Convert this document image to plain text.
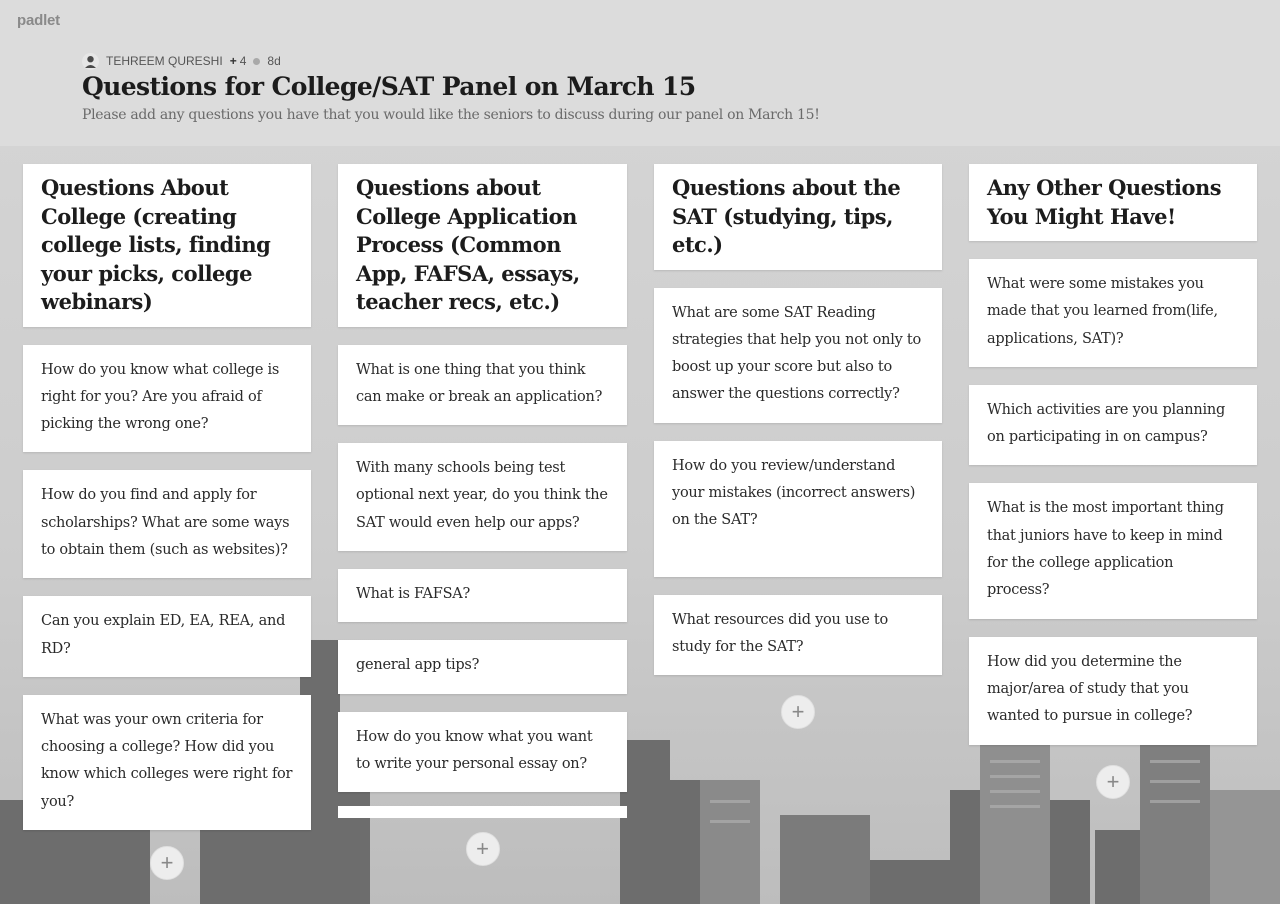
padlet
TEHREEM QURESHI + 4 8d
Questions for College/SAT Panel on March 15
Please add any questions you have that you would like the seniors to discuss during our panel on March 15!
Questions About College (creating college lists, finding your picks, college webinars)
How do you know what college is right for you? Are you afraid of picking the wrong one?
How do you find and apply for scholarships? What are some ways to obtain them (such as websites)?
Can you explain ED, EA, REA, and RD?
What was your own criteria for choosing a college? How did you know which colleges were right for you?
+
Questions about College Application Process (Common App, FAFSA, essays, teacher recs, etc.)
What is one thing that you think can make or break an application?
With many schools being test optional next year, do you think the SAT would even help our apps?
What is FAFSA?
general app tips?
How do you know what you want to write your personal essay on?
+
Questions about the SAT (studying, tips, etc.)
What are some SAT Reading strategies that help you not only to boost up your score but also to answer the questions correctly?
How do you review/understand your mistakes (incorrect answers) on the SAT?
What resources did you use to study for the SAT?
+
Any Other Questions You Might Have!
What were some mistakes you made that you learned from(life, applications, SAT)?
Which activities are you planning on participating in on campus?
What is the most important thing that juniors have to keep in mind for the college application process?
How did you determine the major/area of study that you wanted to pursue in college?
+
